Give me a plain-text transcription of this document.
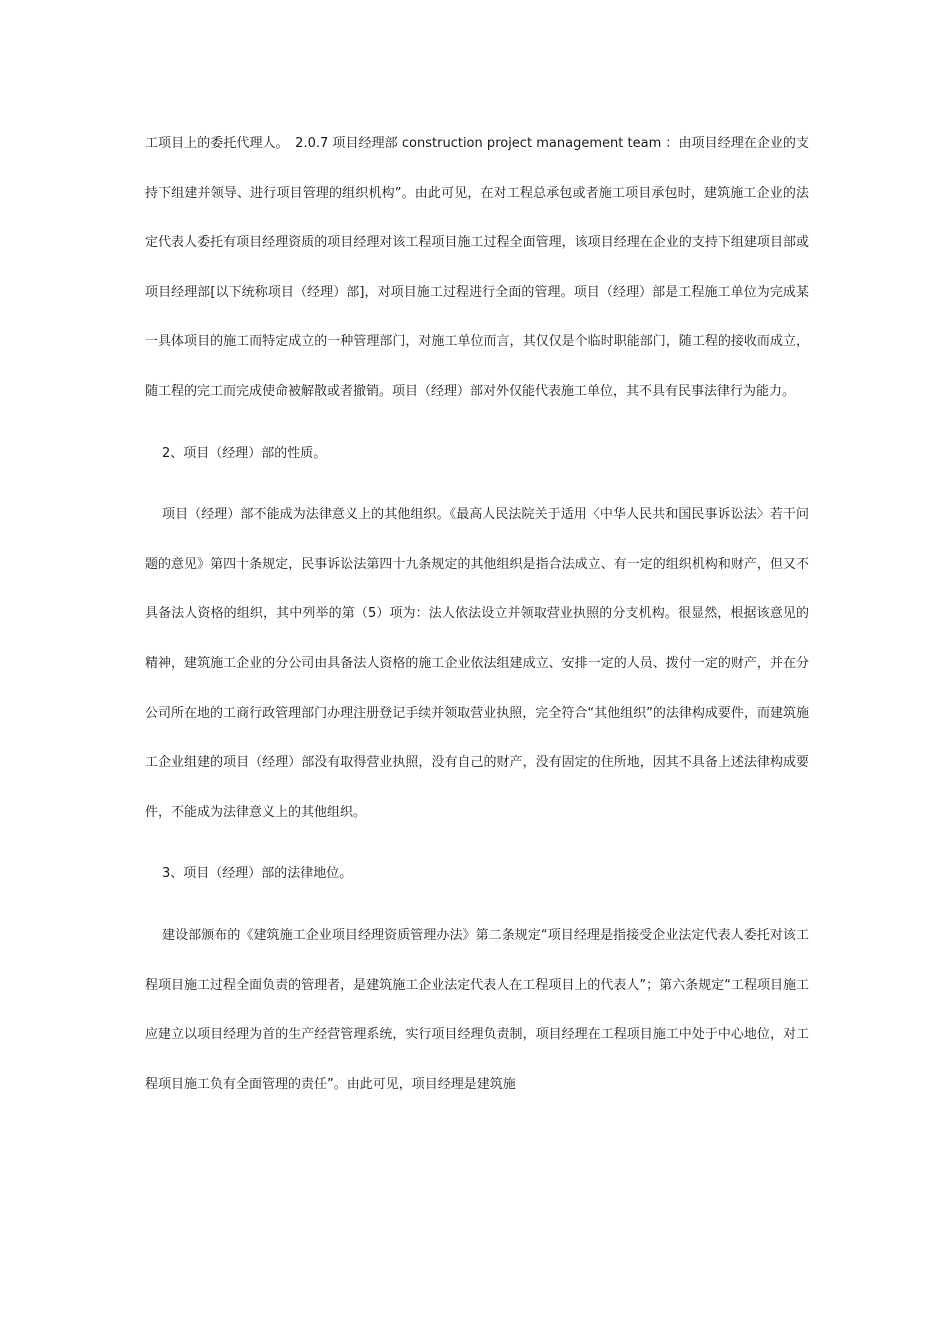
工项目上的委托代理人。　2.0.7 项目经理部 construction project management team ：由项目经理在企业的支持下组建并领导、进行项目管理的组织机构”。由此可见，在对工程总承包或者施工项目承包时，建筑施工企业的法定代表人委托有项目经理资质的项目经理对该工程项目施工过程全面管理，该项目经理在企业的支持下组建项目部或项目经理部[以下统称项目（经理）部]，对项目施工过程进行全面的管理。项目（经理）部是工程施工单位为完成某一具体项目的施工而特定成立的一种管理部门，对施工单位而言，其仅仅是个临时职能部门，随工程的接收而成立，随工程的完工而完成使命被解散或者撤销。项目（经理）部对外仅能代表施工单位，其不具有民事法律行为能力。

2、项目（经理）部的性质。

项目（经理）部不能成为法律意义上的其他组织。《最高人民法院关于适用〈中华人民共和国民事诉讼法〉若干问题的意见》第四十条规定，民事诉讼法第四十九条规定的其他组织是指合法成立、有一定的组织机构和财产，但又不具备法人资格的组织，其中列举的第（5）项为：法人依法设立并领取营业执照的分支机构。很显然，根据该意见的精神，建筑施工企业的分公司由具备法人资格的施工企业依法组建成立、安排一定的人员、拨付一定的财产，并在分公司所在地的工商行政管理部门办理注册登记手续并领取营业执照，完全符合“其他组织”的法律构成要件，而建筑施工企业组建的项目（经理）部没有取得营业执照，没有自己的财产，没有固定的住所地，因其不具备上述法律构成要件，不能成为法律意义上的其他组织。

3、项目（经理）部的法律地位。

建设部颁布的《建筑施工企业项目经理资质管理办法》第二条规定“项目经理是指接受企业法定代表人委托对该工程项目施工过程全面负责的管理者，是建筑施工企业法定代表人在工程项目上的代表人”；第六条规定“工程项目施工应建立以项目经理为首的生产经营管理系统，实行项目经理负责制，项目经理在工程项目施工中处于中心地位，对工程项目施工负有全面管理的责任”。由此可见，项目经理是建筑施
